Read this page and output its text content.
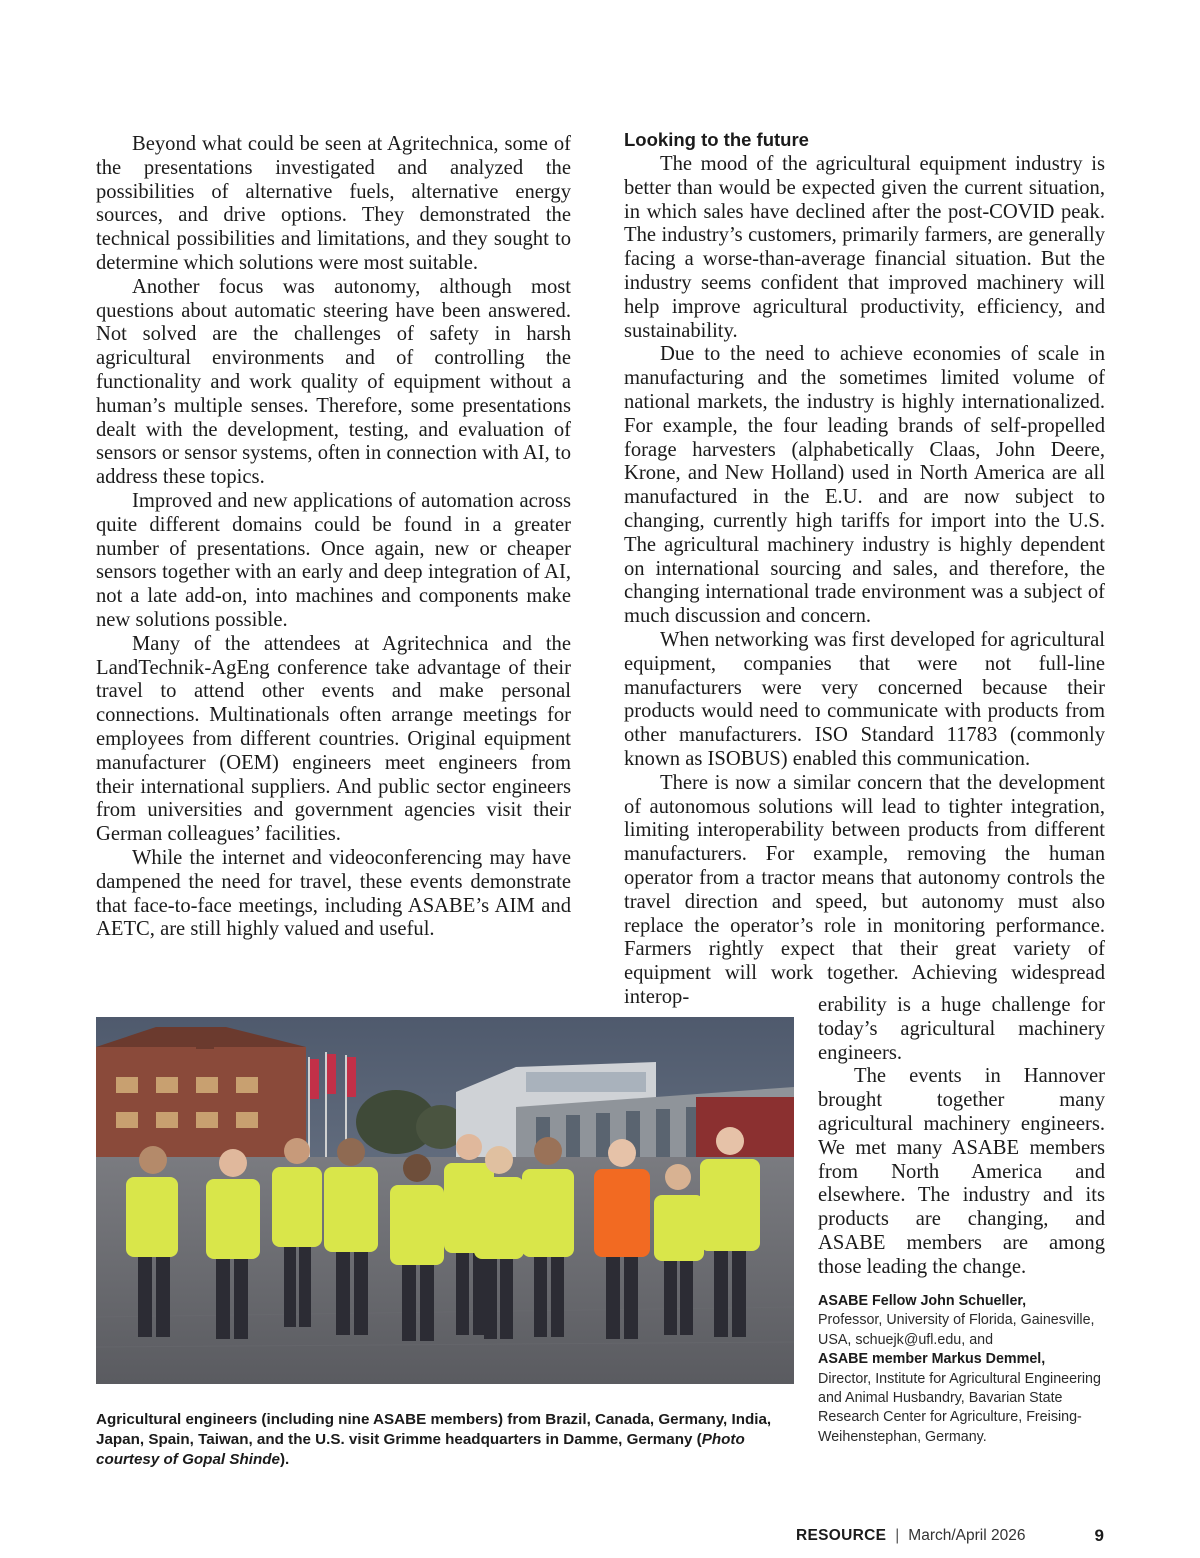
Beyond what could be seen at Agritechnica, some of the presentations investigated and analyzed the possibilities of alternative fuels, alternative energy sources, and drive options. They demonstrated the technical possibilities and limitations, and they sought to determine which solutions were most suitable.

Another focus was autonomy, although most questions about automatic steering have been answered. Not solved are the challenges of safety in harsh agricultural environments and of controlling the functionality and work quality of equipment without a human’s multiple senses. Therefore, some presentations dealt with the development, testing, and evaluation of sensors or sensor systems, often in connection with AI, to address these topics.

Improved and new applications of automation across quite different domains could be found in a greater number of presentations. Once again, new or cheaper sensors together with an early and deep integration of AI, not a late add-on, into machines and components make new solutions possible.

Many of the attendees at Agritechnica and the LandTechnik-AgEng conference take advantage of their travel to attend other events and make personal connections. Multinationals often arrange meetings for employees from different countries. Original equipment manufacturer (OEM) engineers meet engineers from their international suppliers. And public sector engineers from universities and government agencies visit their German colleagues’ facilities.

While the internet and videoconferencing may have dampened the need for travel, these events demonstrate that face-to-face meetings, including ASABE’s AIM and AETC, are still highly valued and useful.

Looking to the future

The mood of the agricultural equipment industry is better than would be expected given the current situation, in which sales have declined after the post-COVID peak. The industry’s customers, primarily farmers, are generally facing a worse-than-average financial situation. But the industry seems confident that improved machinery will help improve agricultural productivity, efficiency, and sustainability.

Due to the need to achieve economies of scale in manufacturing and the sometimes limited volume of national markets, the industry is highly internationalized. For example, the four leading brands of self-propelled forage harvesters (alphabetically Claas, John Deere, Krone, and New Holland) used in North America are all manufactured in the E.U. and are now subject to changing, currently high tariffs for import into the U.S. The agricultural machinery industry is highly dependent on international sourcing and sales, and therefore, the changing international trade environment was a subject of much discussion and concern.

When networking was first developed for agricultural equipment, companies that were not full-line manufacturers were very concerned because their products would need to communicate with products from other manufacturers. ISO Standard 11783 (commonly known as ISOBUS) enabled this communication.

There is now a similar concern that the development of autonomous solutions will lead to tighter integration, limiting interoperability between products from different manufacturers. For example, removing the human operator from a tractor means that autonomy controls the travel direction and speed, but autonomy must also replace the operator’s role in monitoring performance. Farmers rightly expect that their great variety of equipment will work together. Achieving widespread interop-	erability is a huge challenge for today’s agricultural machinery engineers.

The events in Hannover brought together many agricultural machinery engineers. We met many ASABE members from North America and elsewhere. The industry and its products are changing, and ASABE members are among those leading the change.

Agricultural engineers (including nine ASABE members) from Brazil, Canada, Germany, India, Japan, Spain, Taiwan, and the U.S. visit Grimme headquarters in Damme, Germany (Photo courtesy of Gopal Shinde).
ASABE Fellow John Schueller,
Professor, University of Florida, Gainesville, USA, schuejk@ufl.edu, and
ASABE member Markus Demmel,
Director, Institute for Agricultural Engineering and Animal Husbandry, Bavarian State Research Center for Agriculture, Freising-Weihenstephan, Germany.
RESOURCE | March/April 2026	9
